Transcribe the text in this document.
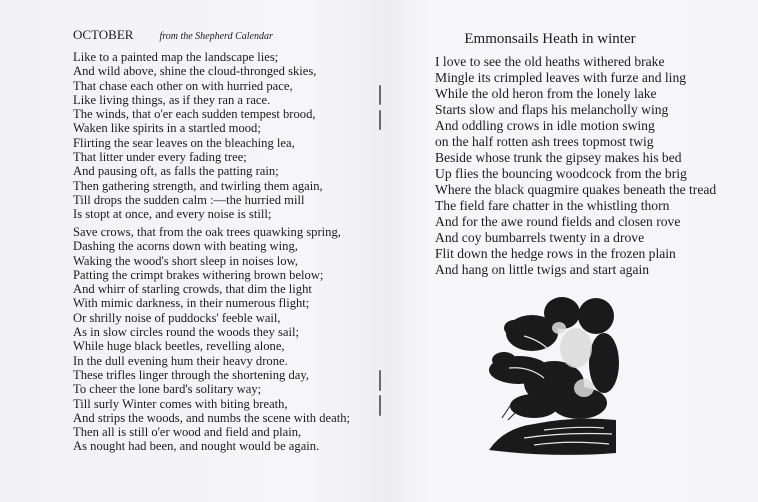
OCTOBER	from the Shepherd Calendar
Like to a painted map the landscape lies;
And wild above, shine the cloud-thronged skies,
That chase each other on with hurried pace,
Like living things, as if they ran a race.
The winds, that o'er each sudden tempest brood,
Waken like spirits in a startled mood;
Flirting the sear leaves on the bleaching lea,
That litter under every fading tree;
And pausing oft, as falls the patting rain;
Then gathering strength, and twirling them again,
Till drops the sudden calm :—the hurried mill
Is stopt at once, and every noise is still;
Save crows, that from the oak trees quawking spring,
Dashing the acorns down with beating wing,
Waking the wood's short sleep in noises low,
Patting the crimpt brakes withering brown below;
And whirr of starling crowds, that dim the light
With mimic darkness, in their numerous flight;
Or shrilly noise of puddocks' feeble wail,
As in slow circles round the woods they sail;
While huge black beetles, revelling alone,
In the dull evening hum their heavy drone.
These trifles linger through the shortening day,
To cheer the lone bard's solitary way;
Till surly Winter comes with biting breath,
And strips the woods, and numbs the scene with death;
Then all is still o'er wood and field and plain,
As nought had been, and nought would be again.
Emmonsails Heath in winter
I love to see the old heaths withered brake
Mingle its crimpled leaves with furze and ling
While the old heron from the lonely lake
Starts slow and flaps his melancholly wing
And oddling crows in idle motion swing
on the half rotten ash trees topmost twig
Beside whose trunk the gipsey makes his bed
Up flies the bouncing woodcock from the brig
Where the black quagmire quakes beneath the tread
The field fare chatter in the whistling thorn
And for the awe round fields and closen rove
And coy bumbarrels twenty in a drove
Flit down the hedge rows in the frozen plain
And hang on little twigs and start again
